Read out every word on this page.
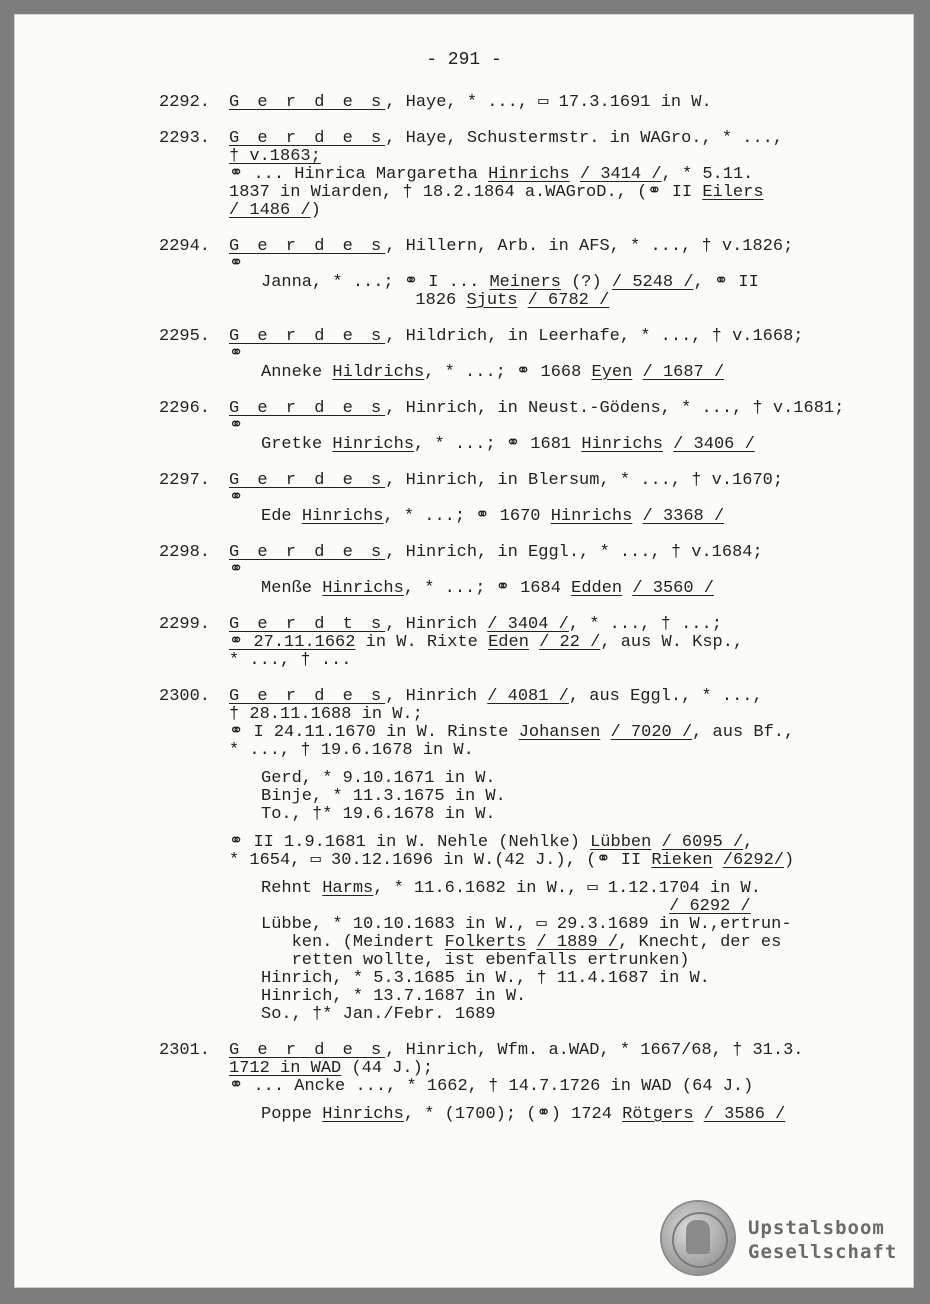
- 291 -
2292.	G e r d e s, Haye, * ..., ▭ 17.3.1691 in W.
2293.	G e r d e s, Haye, Schustermstr. in WAGro., * ...,
† v.1863;
⚭ ... Hinrica Margaretha Hinrichs / 3414 /, * 5.11.
1837 in Wiarden, † 18.2.1864 a.WAGroD., (⚭ II Eilers
/ 1486 /)
2294.	G e r d e s, Hillern, Arb. in AFS, * ..., † v.1826;
⚭
Janna, * ...; ⚭ I ... Meiners (?) / 5248 /, ⚭ II
1826 Sjuts / 6782 /
2295.	G e r d e s, Hildrich, in Leerhafe, * ..., † v.1668;
⚭
Anneke Hildrichs, * ...; ⚭ 1668 Eyen / 1687 /
2296.	G e r d e s, Hinrich, in Neust.-Gödens, * ..., † v.1681;
⚭
Gretke Hinrichs, * ...; ⚭ 1681 Hinrichs / 3406 /
2297.	G e r d e s, Hinrich, in Blersum, * ..., † v.1670;
⚭
Ede Hinrichs, * ...; ⚭ 1670 Hinrichs / 3368 /
2298.	G e r d e s, Hinrich, in Eggl., * ..., † v.1684;
⚭
Menße Hinrichs, * ...; ⚭ 1684 Edden / 3560 /
2299.	G e r d t s, Hinrich / 3404 /, * ..., † ...;
⚭ 27.11.1662 in W. Rixte Eden / 22 /, aus W. Ksp.,
* ..., † ...
2300.	G e r d e s, Hinrich / 4081 /, aus Eggl., * ...,
† 28.11.1688 in W.;
⚭ I 24.11.1670 in W. Rinste Johansen / 7020 /, aus Bf.,
* ..., † 19.6.1678 in W.
Gerd, * 9.10.1671 in W.
Binje, * 11.3.1675 in W.
To., †* 19.6.1678 in W.
⚭ II 1.9.1681 in W. Nehle (Nehlke) Lübben / 6095 /,
* 1654, ▭ 30.12.1696 in W.(42 J.), (⚭ II Rieken /6292/)
Rehnt Harms, * 11.6.1682 in W., ▭ 1.12.1704 in W.
/ 6292 /
Lübbe, * 10.10.1683 in W., ▭ 29.3.1689 in W.,ertrun-
ken. (Meindert Folkerts / 1889 /, Knecht, der es
retten wollte, ist ebenfalls ertrunken)
Hinrich, * 5.3.1685 in W., † 11.4.1687 in W.
Hinrich, * 13.7.1687 in W.
So., †* Jan./Febr. 1689
2301.	G e r d e s, Hinrich, Wfm. a.WAD, * 1667/68, † 31.3.
1712 in WAD (44 J.);
⚭ ... Ancke ..., * 1662, † 14.7.1726 in WAD (64 J.)
Poppe Hinrichs, * (1700); (⚭) 1724 Rötgers / 3586 /
Upstalsboom
Gesellschaft
